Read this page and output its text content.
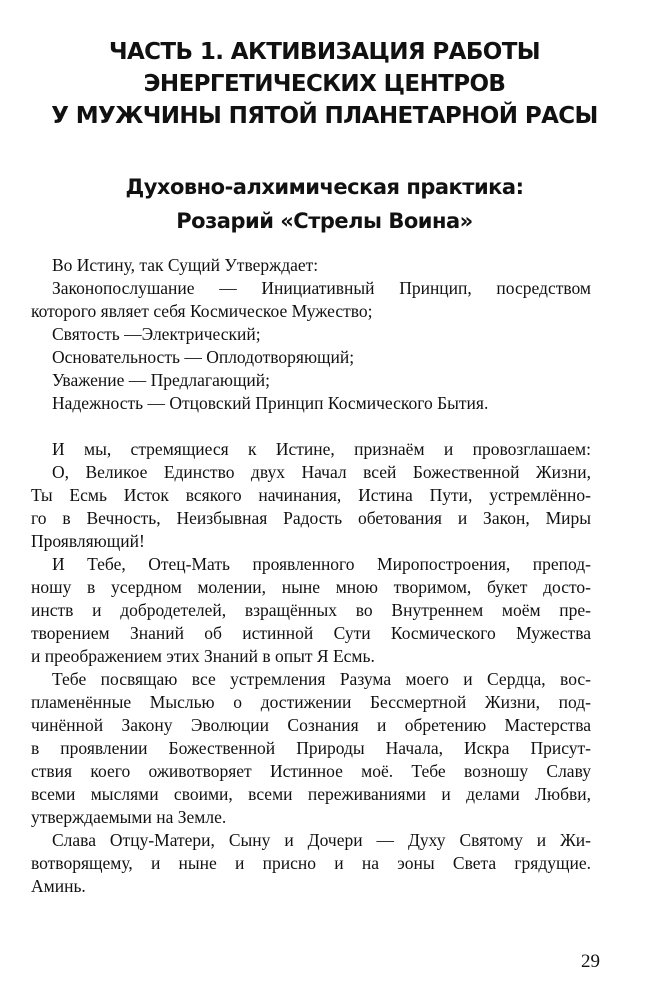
ЧАСТЬ 1. АКТИВИЗАЦИЯ РАБОТЫ
ЭНЕРГЕТИЧЕСКИХ ЦЕНТРОВ
У МУЖЧИНЫ ПЯТОЙ ПЛАНЕТАРНОЙ РАСЫ
Духовно-алхимическая практика:
Розарий «Стрелы Воина»
Во Истину, так Сущий Утверждает:
Законопослушание — Инициативный Принцип, посредством
которого являет себя Космическое Мужество;
Святость —Электрический;
Основательность — Оплодотворяющий;
Уважение — Предлагающий;
Надежность — Отцовский Принцип Космического Бытия.
И мы, стремящиеся к Истине, признаём и провозглашаем:
О, Великое Единство двух Начал всей Божественной Жизни,
Ты Есмь Исток всякого начинания, Истина Пути, устремлённо-
го в Вечность, Неизбывная Радость обетования и Закон, Миры
Проявляющий!
И Тебе, Отец-Мать проявленного Миропостроения, препод-
ношу в усердном молении, ныне мною творимом, букет досто-
инств и добродетелей, взращённых во Внутреннем моём пре-
творением Знаний об истинной Сути Космического Мужества
и преображением этих Знаний в опыт Я Есмь.
Тебе посвящаю все устремления Разума моего и Сердца, вос-
пламенённые Мыслью о достижении Бессмертной Жизни, под-
чинённой Закону Эволюции Сознания и обретению Мастерства
в проявлении Божественной Природы Начала, Искра Присут-
ствия коего оживотворяет Истинное моё. Тебе возношу Славу
всеми мыслями своими, всеми переживаниями и делами Любви,
утверждаемыми на Земле.
Слава Отцу-Матери, Сыну и Дочери — Духу Святому и Жи-
вотворящему, и ныне и присно и на эоны Света грядущие.
Аминь.
29
